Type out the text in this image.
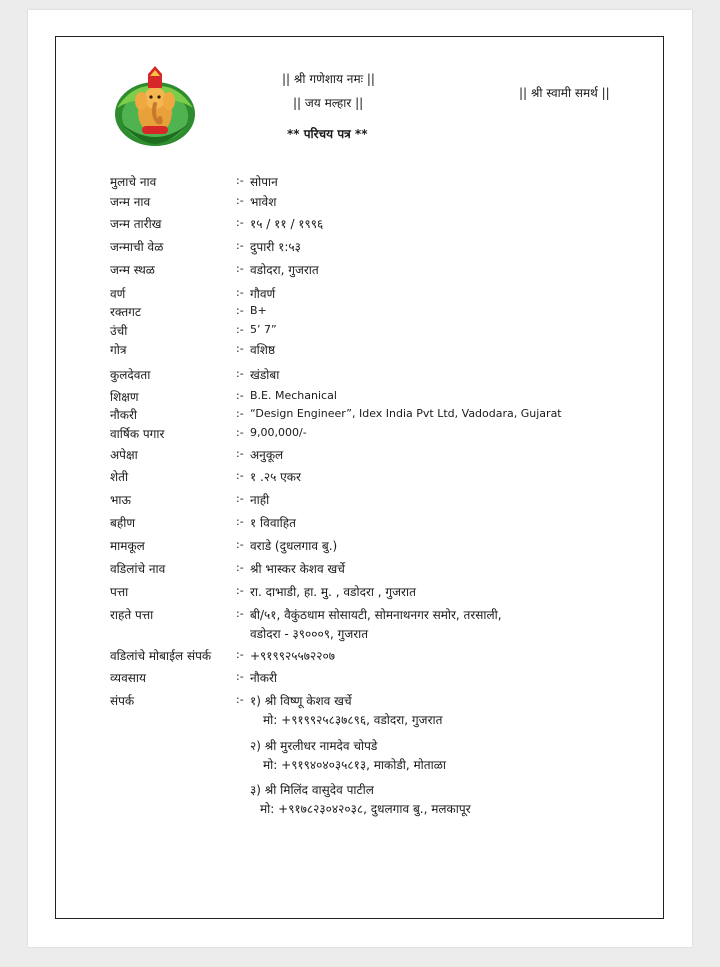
|| श्री गणेशाय नमः ||
|| जय मल्हार ||
|| श्री स्वामी समर्थ ||
** परिचय पत्र **
मुलाचे नाव	:- सोपान
जन्म नाव	:- भावेश
जन्म तारीख	:- १५ / ११ / १९९६
जन्माची वेळ	:- दुपारी १:५३
जन्म स्थळ	:- वडोदरा, गुजरात
वर्ण	:- गौवर्ण
रक्तगट	:- B+
उंची	:- 5’ 7”
गोत्र	:- वशिष्ठ
कुलदेवता	:- खंडोबा
शिक्षण	:- B.E. Mechanical
नौकरी	:- “Design Engineer”, Idex India Pvt Ltd, Vadodara, Gujarat
वार्षिक पगार	:- 9,00,000/-
अपेक्षा	:- अनुकूल
शेती	:- १ .२५ एकर
भाऊ	:- नाही
बहीण	:- १ विवाहित
मामकूल	:- वराडे (दुधलगाव बु.)
वडिलांचे नाव	:- श्री भास्कर केशव खर्चे
पत्ता	:- रा. दाभाडी, हा. मु. , वडोदरा , गुजरात
राहते पत्ता	:- बी/५१, वैकुंठधाम सोसायटी, सोमनाथनगर समोर, तरसाली,
वडोदरा - ३९०००९, गुजरात
वडिलांचे मोबाईल संपर्क :- +९१९९२५५७२२०७
व्यवसाय	:- नौकरी
संपर्क	:- १) श्री विष्णू केशव खर्चे
मो: +९१९९२५८३७८९६, वडोदरा, गुजरात
२) श्री मुरलीधर नामदेव चोपडे
मो: +९१९४०४०३५८१३, माकोडी, मोताळा
३) श्री मिलिंद वासुदेव पाटील
मो: +९१७८२३०४२०३८, दुधलगाव बु., मलकापूर
